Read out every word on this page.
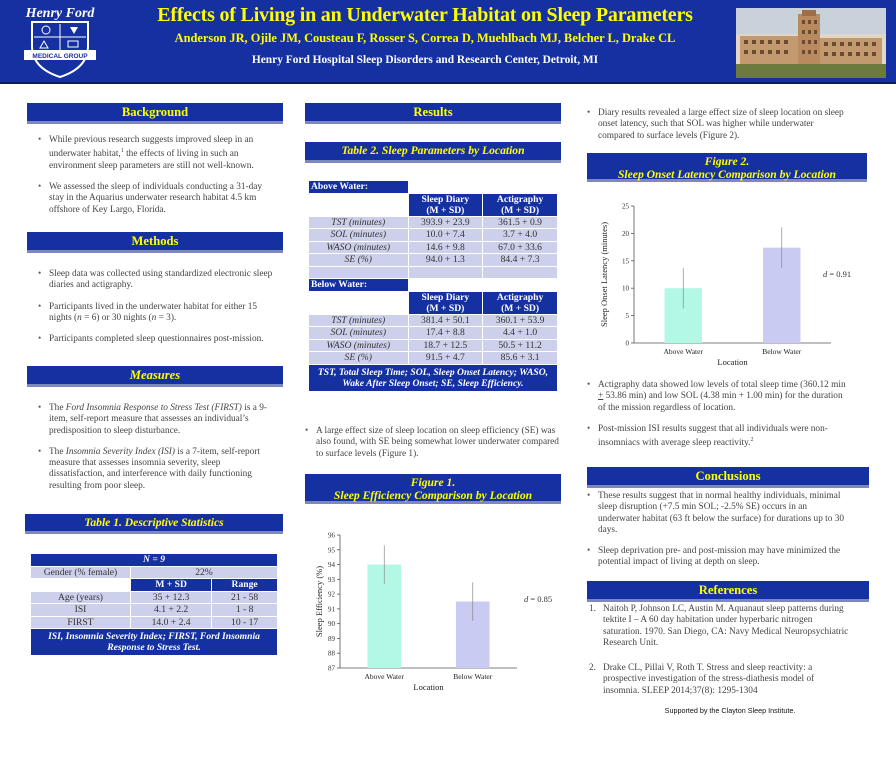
Henry Ford
MEDICAL GROUP
Effects of Living in an Underwater Habitat on Sleep Parameters
Anderson JR, Ojile JM, Cousteau F, Rosser S, Correa D, Muehlbach MJ, Belcher L, Drake CL
Henry Ford Hospital Sleep Disorders and Research Center, Detroit, MI
Background
• While previous research suggests improved sleep in an underwater habitat,$^1$ the effects of living in such an environment sleep parameters are still not well-known.
• We assessed the sleep of individuals conducting a 31-day stay in the Aquarius underwater research habitat 4.5 km offshore of Key Largo, Florida.
Methods
• Sleep data was collected using standardized electronic sleep diaries and actigraphy.
• Participants lived in the underwater habitat for either 15 nights (n = 6) or 30 nights (n = 3).
• Participants completed sleep questionnaires post-mission.
Measures
• The Ford Insomnia Response to Stress Test (FIRST) is a 9-item, self-report measure that assesses an individual’s predisposition to sleep disturbance.
• The Insomnia Severity Index (ISI) is a 7-item, self-report measure that assesses insomnia severity, sleep dissatisfaction, and interference with daily functioning resulting from poor sleep.
Table 1. Descriptive Statistics
N = 9		
Gender (% female)	22%	
	M + SD	Range
Age (years)	35 + 12.3	21 - 58
ISI	4.1 + 2.2	1 - 8
FIRST	14.0 + 2.4	10 - 17
ISI, Insomnia Severity Index; FIRST, Ford Insomnia Response to Stress Test.		
Results
Table 2. Sleep Parameters by Location
Above Water:		
	Sleep Diary
(M + SD)	Actigraphy
(M + SD)
TST (minutes)	393.9 + 23.9	361.5 + 0.9
SOL (minutes)	10.0 + 7.4	3.7 + 4.0
WASO (minutes)	14.6 + 9.8	67.0 + 33.6
SE (%)	94.0 + 1.3	84.4 + 7.3

Below Water:		
	Sleep Diary
(M + SD)	Actigraphy
(M + SD)
TST (minutes)	381.4 + 50.1	360.1 + 53.9
SOL (minutes)	17.4 + 8.8	4.4 + 1.0
WASO (minutes)	18.7 + 12.5	50.5 + 11.2
SE (%)	91.5 + 4.7	85.6 + 3.1
TST, Total Sleep Time; SOL, Sleep Onset Latency; WASO, Wake After Sleep Onset; SE, Sleep Efficiency.		
• A large effect size of sleep location on sleep efficiency (SE) was also found, with SE being somewhat lower underwater compared to surface levels (Figure 1).
Figure 1.
Sleep Efficiency Comparison by Location
87
88
89
90
91
92
93
94
95
96
Above Water	Below Water
Location
Sleep Efficiency (%)	d = 0.85
• Diary results revealed a large effect size of sleep location on sleep onset latency, such that SOL was higher while underwater compared to surface levels (Figure 2).
Figure 2.
Sleep Onset Latency Comparison by Location
0
5
10
15
20
25
Above Water	Below Water
Location
Sleep Onset Latency (minutes)	d = 0.91
• Actigraphy data showed low levels of total sleep time (360.12 min + 53.86 min) and low SOL (4.38 min + 1.00 min) for the duration of the mission regardless of location.
• Post-mission ISI results suggest that all individuals were non-insomniacs with average sleep reactivity.$^2$
Conclusions
• These results suggest that in normal healthy individuals, minimal sleep disruption (+7.5 min SOL; -2.5% SE) occurs in an underwater habitat (63 ft below the surface) for durations up to 30 days.
• Sleep deprivation pre- and post-mission may have minimized the potential impact of living at depth on sleep.
References
1. Naitoh P, Johnson LC, Austin M. Aquanaut sleep patterns during tektite I – A 60 day habitation under hyperbaric nitrogen saturation. 1970. San Diego, CA: Navy Medical Neuropsychiatric Research Unit.
2. Drake CL, Pillai V, Roth T. Stress and sleep reactivity: a prospective investigation of the stress-diathesis model of insomnia. SLEEP 2014;37(8): 1295-1304
Supported by the Clayton Sleep Institute.
